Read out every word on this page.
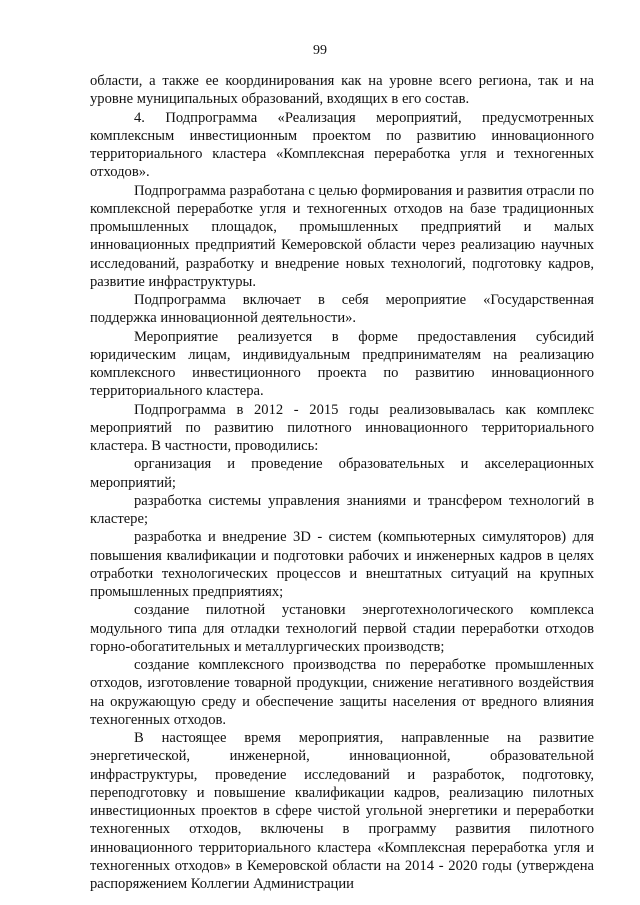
99

области, а также ее координирования как на уровне всего региона, так и на уровне муниципальных образований, входящих в его состав.

4. Подпрограмма «Реализация мероприятий, предусмотренных комплексным инвестиционным проектом по развитию инновационного территориального кластера «Комплексная переработка угля и техногенных отходов».

Подпрограмма разработана с целью формирования и развития отрасли по комплексной переработке угля и техногенных отходов на базе традиционных промышленных площадок, промышленных предприятий и малых инновационных предприятий Кемеровской области через реализацию научных исследований, разработку и внедрение новых технологий, подготовку кадров, развитие инфраструктуры.

Подпрограмма включает в себя мероприятие «Государственная поддержка инновационной деятельности».

Мероприятие реализуется в форме предоставления субсидий юридическим лицам, индивидуальным предпринимателям на реализацию комплексного инвестиционного проекта по развитию инновационного территориального кластера.

Подпрограмма в 2012 - 2015 годы реализовывалась как комплекс мероприятий по развитию пилотного инновационного территориального кластера. В частности, проводились:

организация и проведение образовательных и акселерационных мероприятий;

разработка системы управления знаниями и трансфером технологий в кластере;

разработка и внедрение 3D - систем (компьютерных симуляторов) для повышения квалификации и подготовки рабочих и инженерных кадров в целях отработки технологических процессов и внештатных ситуаций на крупных промышленных предприятиях;

создание пилотной установки энерготехнологического комплекса модульного типа для отладки технологий первой стадии переработки отходов горно-обогатительных и металлургических производств;

создание комплексного производства по переработке промышленных отходов, изготовление товарной продукции, снижение негативного воздействия на окружающую среду и обеспечение защиты населения от вредного влияния техногенных отходов.

В настоящее время мероприятия, направленные на развитие энергетической, инженерной, инновационной, образовательной инфраструктуры, проведение исследований и разработок, подготовку, переподготовку и повышение квалификации кадров, реализацию пилотных инвестиционных проектов в сфере чистой угольной энергетики и переработки техногенных отходов, включены в программу развития пилотного инновационного территориального кластера «Комплексная переработка угля и техногенных отходов» в Кемеровской области на 2014 - 2020 годы (утверждена распоряжением Коллегии Администрации
